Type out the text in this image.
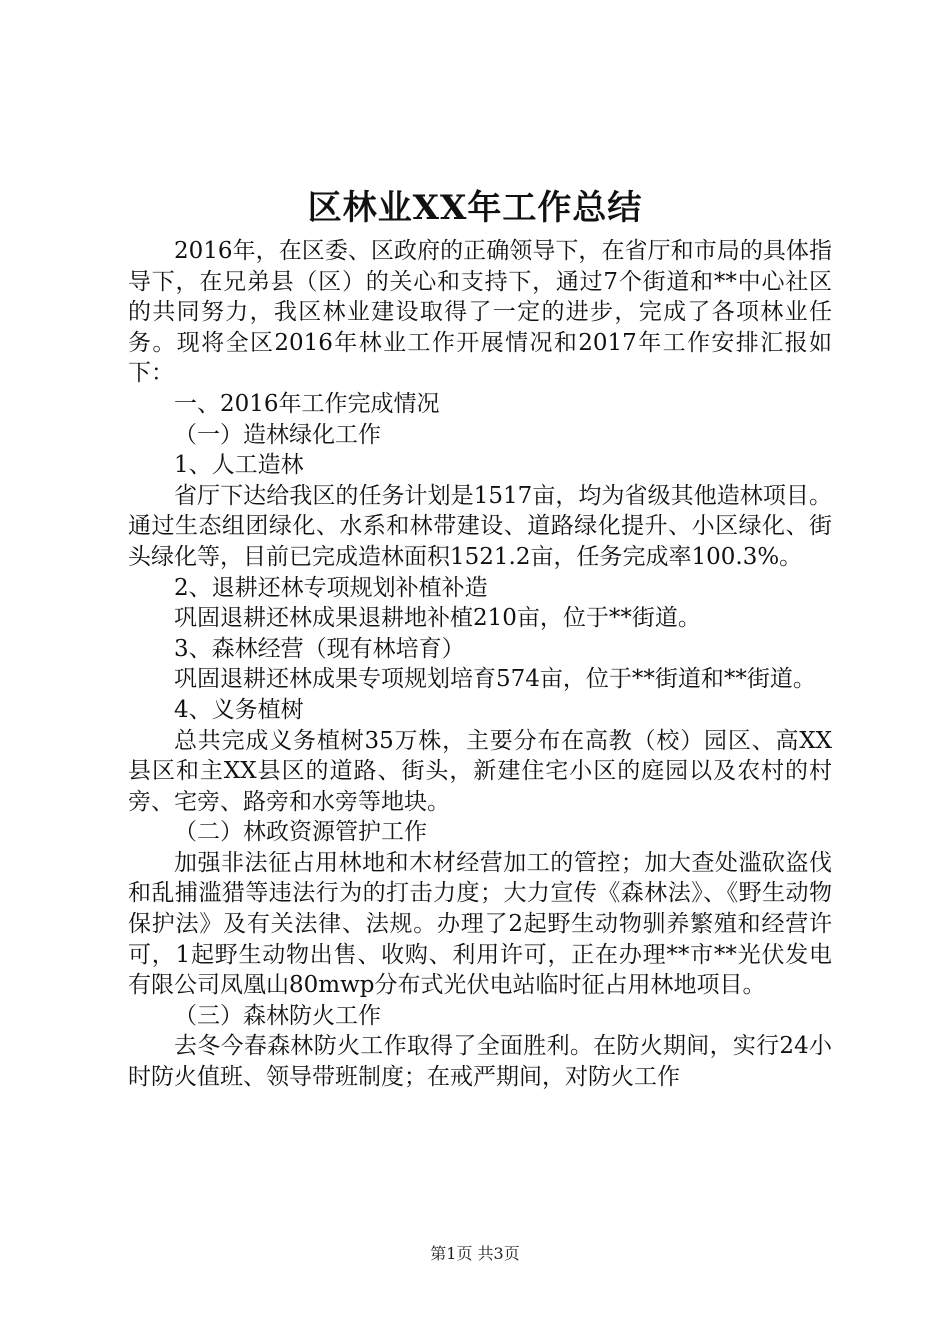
区林业XX年工作总结

2016年，在区委、区政府的正确领导下，在省厅和市局的具体指导下，在兄弟县（区）的关心和支持下，通过7个街道和**中心社区的共同努力，我区林业建设取得了一定的进步，完成了各项林业任务。现将全区2016年林业工作开展情况和2017年工作安排汇报如下：

一、2016年工作完成情况

（一）造林绿化工作

1、人工造林

省厅下达给我区的任务计划是1517亩，均为省级其他造林项目。通过生态组团绿化、水系和林带建设、道路绿化提升、小区绿化、街头绿化等，目前已完成造林面积1521.2亩，任务完成率100.3%。

2、退耕还林专项规划补植补造

巩固退耕还林成果退耕地补植210亩，位于**街道。

3、森林经营（现有林培育）

巩固退耕还林成果专项规划培育574亩，位于**街道和**街道。

4、义务植树

总共完成义务植树35万株，主要分布在高教（校）园区、高XX县区和主XX县区的道路、街头，新建住宅小区的庭园以及农村的村旁、宅旁、路旁和水旁等地块。

（二）林政资源管护工作

加强非法征占用林地和木材经营加工的管控；加大查处滥砍盗伐和乱捕滥猎等违法行为的打击力度；大力宣传《森林法》、《野生动物保护法》及有关法律、法规。办理了2起野生动物驯养繁殖和经营许可，1起野生动物出售、收购、利用许可，正在办理**市**光伏发电有限公司凤凰山80mwp分布式光伏电站临时征占用林地项目。

（三）森林防火工作

去冬今春森林防火工作取得了全面胜利。在防火期间，实行24小时防火值班、领导带班制度；在戒严期间，对防火工作

第1页 共3页
